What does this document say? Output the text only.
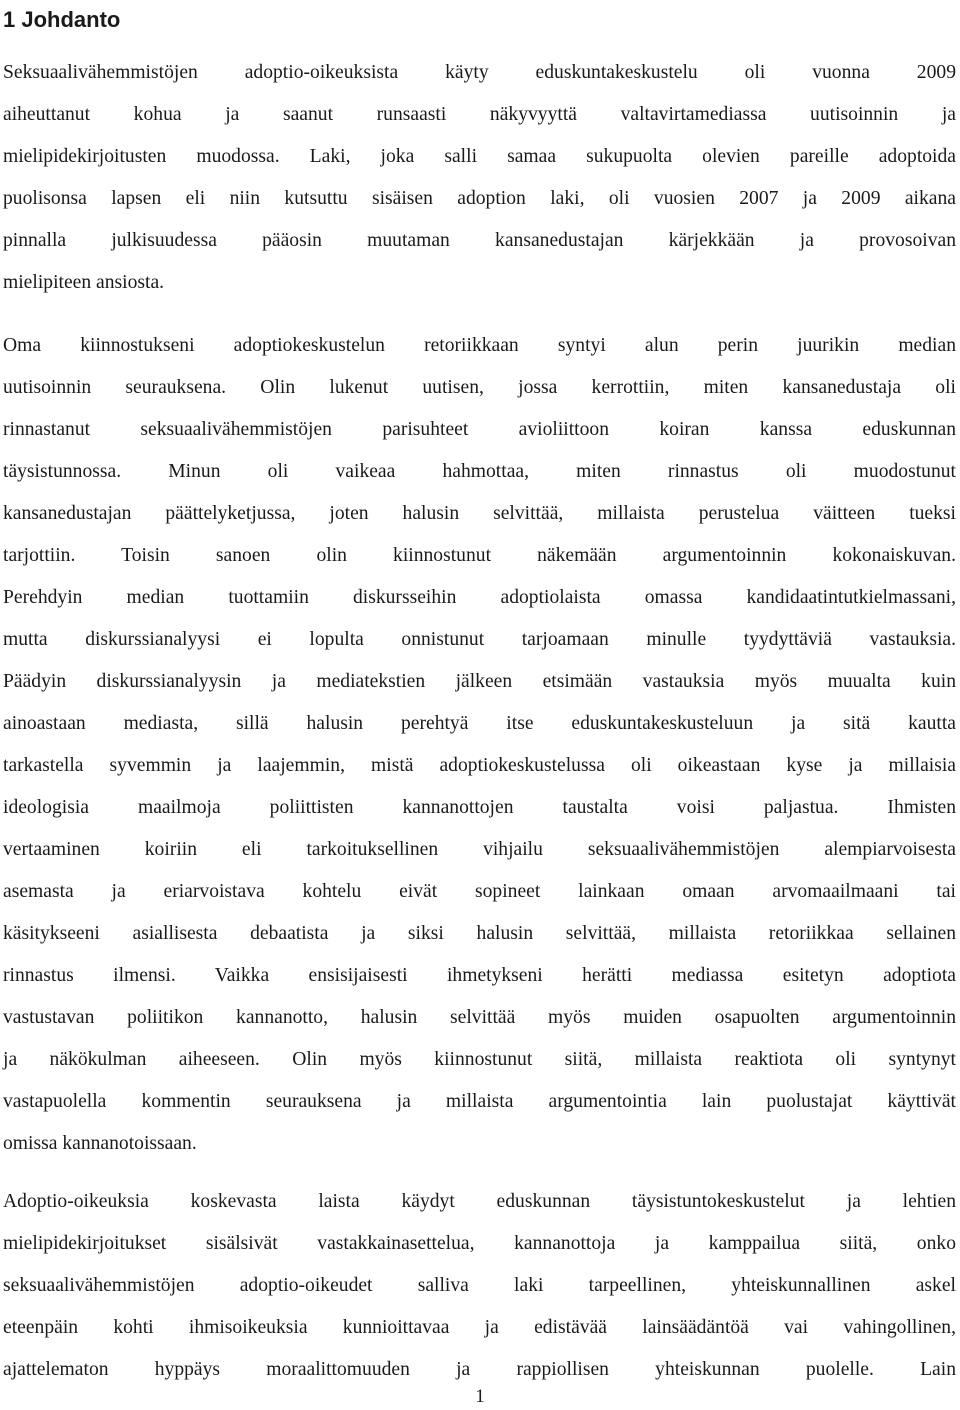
1 Johdanto
Seksuaalivähemmistöjen adoptio-oikeuksista käyty eduskuntakeskustelu oli vuonna 2009
aiheuttanut kohua ja saanut runsaasti näkyvyyttä valtavirtamediassa uutisoinnin ja
mielipidekirjoitusten muodossa. Laki, joka salli samaa sukupuolta olevien pareille adoptoida
puolisonsa lapsen eli niin kutsuttu sisäisen adoption laki, oli vuosien 2007 ja 2009 aikana
pinnalla julkisuudessa pääosin muutaman kansanedustajan kärjekkään ja provosoivan
mielipiteen ansiosta.
Oma kiinnostukseni adoptiokeskustelun retoriikkaan syntyi alun perin juurikin median
uutisoinnin seurauksena. Olin lukenut uutisen, jossa kerrottiin, miten kansanedustaja oli
rinnastanut seksuaalivähemmistöjen parisuhteet avioliittoon koiran kanssa eduskunnan
täysistunnossa. Minun oli vaikeaa hahmottaa, miten rinnastus oli muodostunut
kansanedustajan päättelyketjussa, joten halusin selvittää, millaista perustelua väitteen tueksi
tarjottiin. Toisin sanoen olin kiinnostunut näkemään argumentoinnin kokonaiskuvan.
Perehdyin median tuottamiin diskursseihin adoptiolaista omassa kandidaatintutkielmassani,
mutta diskurssianalyysi ei lopulta onnistunut tarjoamaan minulle tyydyttäviä vastauksia.
Päädyin diskurssianalyysin ja mediatekstien jälkeen etsimään vastauksia myös muualta kuin
ainoastaan mediasta, sillä halusin perehtyä itse eduskuntakeskusteluun ja sitä kautta
tarkastella syvemmin ja laajemmin, mistä adoptiokeskustelussa oli oikeastaan kyse ja millaisia
ideologisia maailmoja poliittisten kannanottojen taustalta voisi paljastua. Ihmisten
vertaaminen koiriin eli tarkoituksellinen vihjailu seksuaalivähemmistöjen alempiarvoisesta
asemasta ja eriarvoistava kohtelu eivät sopineet lainkaan omaan arvomaailmaani tai
käsitykseeni asiallisesta debaatista ja siksi halusin selvittää, millaista retoriikkaa sellainen
rinnastus ilmensi. Vaikka ensisijaisesti ihmetykseni herätti mediassa esitetyn adoptiota
vastustavan poliitikon kannanotto, halusin selvittää myös muiden osapuolten argumentoinnin
ja näkökulman aiheeseen. Olin myös kiinnostunut siitä, millaista reaktiota oli syntynyt
vastapuolella kommentin seurauksena ja millaista argumentointia lain puolustajat käyttivät
omissa kannanotoissaan.
Adoptio-oikeuksia koskevasta laista käydyt eduskunnan täysistuntokeskustelut ja lehtien
mielipidekirjoitukset sisälsivät vastakkainasettelua, kannanottoja ja kamppailua siitä, onko
seksuaalivähemmistöjen adoptio-oikeudet salliva laki tarpeellinen, yhteiskunnallinen askel
eteenpäin kohti ihmisoikeuksia kunnioittavaa ja edistävää lainsäädäntöä vai vahingollinen,
ajattelematon hyppäys moraalittomuuden ja rappiollisen yhteiskunnan puolelle. Lain
1
